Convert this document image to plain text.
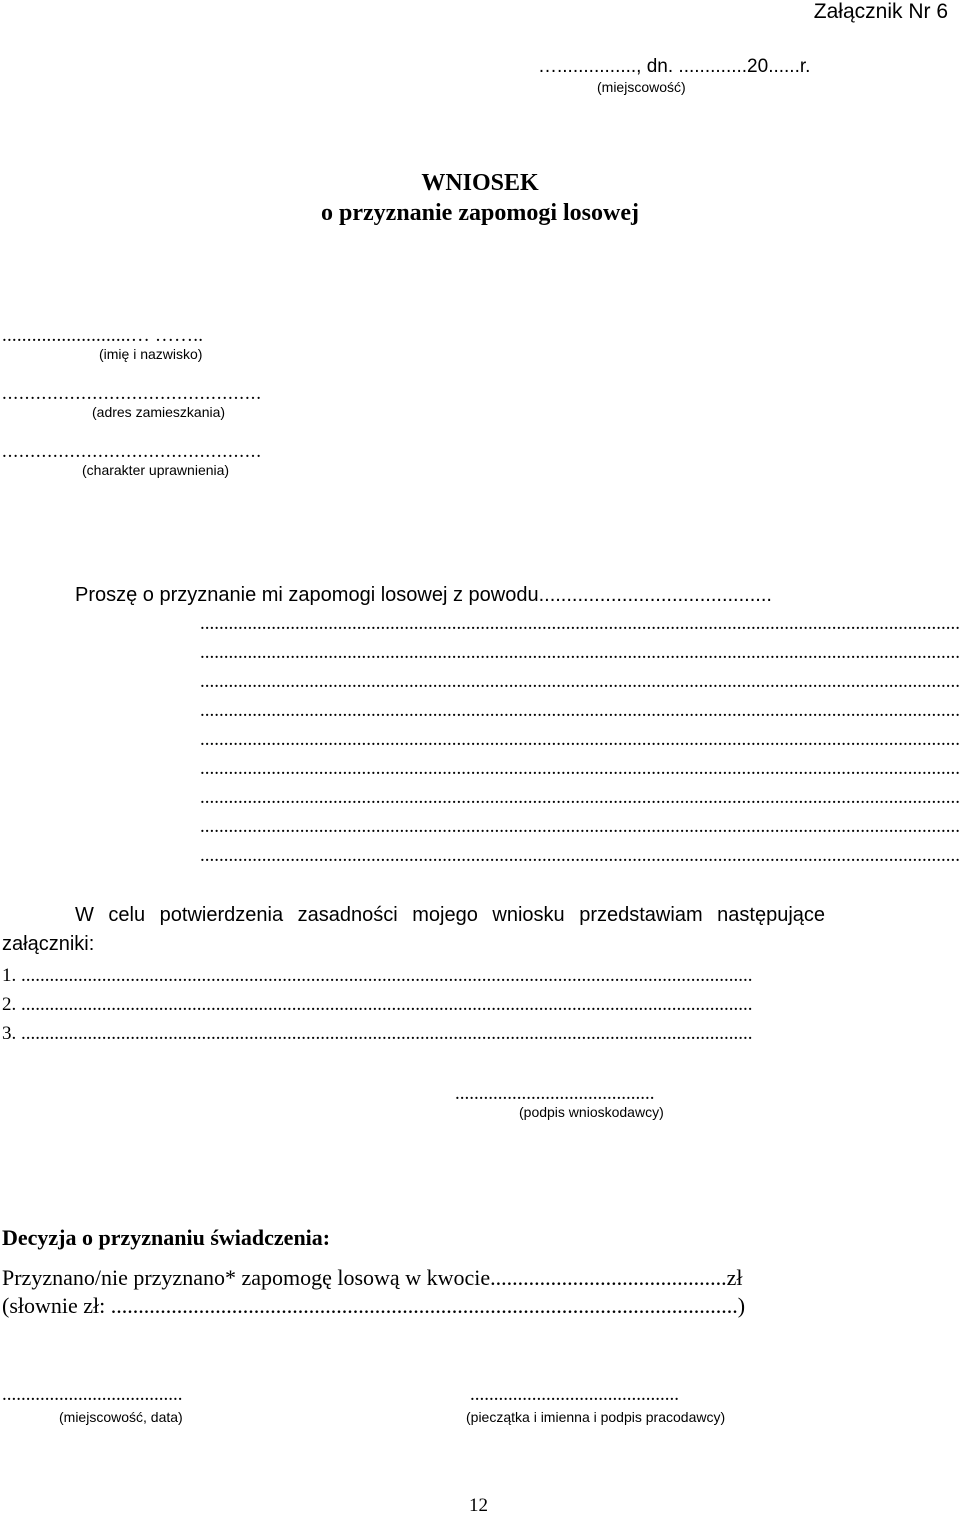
Załącznik Nr 6
…..............., dn. .............20......r.
(miejscowość)
WNIOSEK
o przyznanie zapomogi losowej
..........................… ……..
(imię i nazwisko)
..............................................
(adres zamieszkania)
..............................................
(charakter uprawnienia)
Proszę o przyznanie mi zapomogi losowej z powodu..........................................
................................................................................................................................................................
................................................................................................................................................................
................................................................................................................................................................
................................................................................................................................................................
................................................................................................................................................................
................................................................................................................................................................
................................................................................................................................................................
................................................................................................................................................................
................................................................................................................................................................
W celu potwierdzenia zasadności mojego wniosku przedstawiam następujące
załączniki:
1. ..........................................................................................................................................................
2. ..........................................................................................................................................................
3. ..........................................................................................................................................................
..........................................
(podpis wnioskodawcy)
Decyzja o przyznaniu świadczenia:
Przyznano/nie przyznano* zapomogę losową w kwocie...........................................zł
(słownie zł: ..................................................................................................................)
......................................
(miejscowość, data)
............................................
(pieczątka i imienna i podpis pracodawcy)
12
